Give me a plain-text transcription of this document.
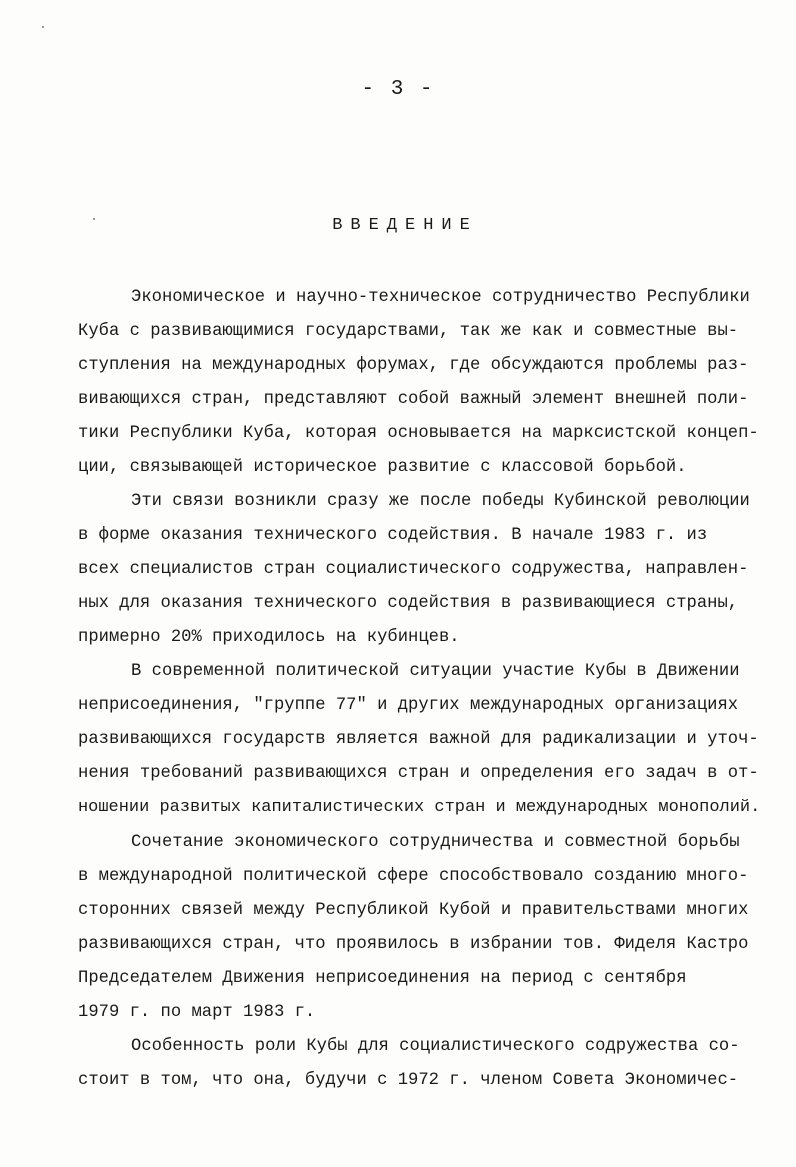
- 3 -
ВВЕДЕНИЕ
Экономическое и научно-техническое сотрудничество Республики
Куба с развивающимися государствами, так же как и совместные вы-
ступления на международных форумах, где обсуждаются проблемы раз-
вивающихся стран, представляют собой важный элемент внешней поли-
тики Республики Куба, которая основывается на марксистской концеп-
ции, связывающей историческое развитие с классовой борьбой.
Эти связи возникли сразу же после победы Кубинской революции
в форме оказания технического содействия. В начале 1983 г. из
всех специалистов стран социалистического содружества, направлен-
ных для оказания технического содействия в развивающиеся страны,
примерно 20% приходилось на кубинцев.
В современной политической ситуации участие Кубы в Движении
неприсоединения, "группе 77" и других международных организациях
развивающихся государств является важной для радикализации и уточ-
нения требований развивающихся стран и определения его задач в от-
ношении развитых капиталистических стран и международных монополий.
Сочетание экономического сотрудничества и совместной борьбы
в международной политической сфере способствовало созданию много-
сторонних связей между Республикой Кубой и правительствами многих
развивающихся стран, что проявилось в избрании тов. Фиделя Кастро
Председателем Движения неприсоединения на период с сентября
1979 г. по март 1983 г.
Особенность роли Кубы для социалистического содружества со-
стоит в том, что она, будучи с 1972 г. членом Совета Экономичес-
